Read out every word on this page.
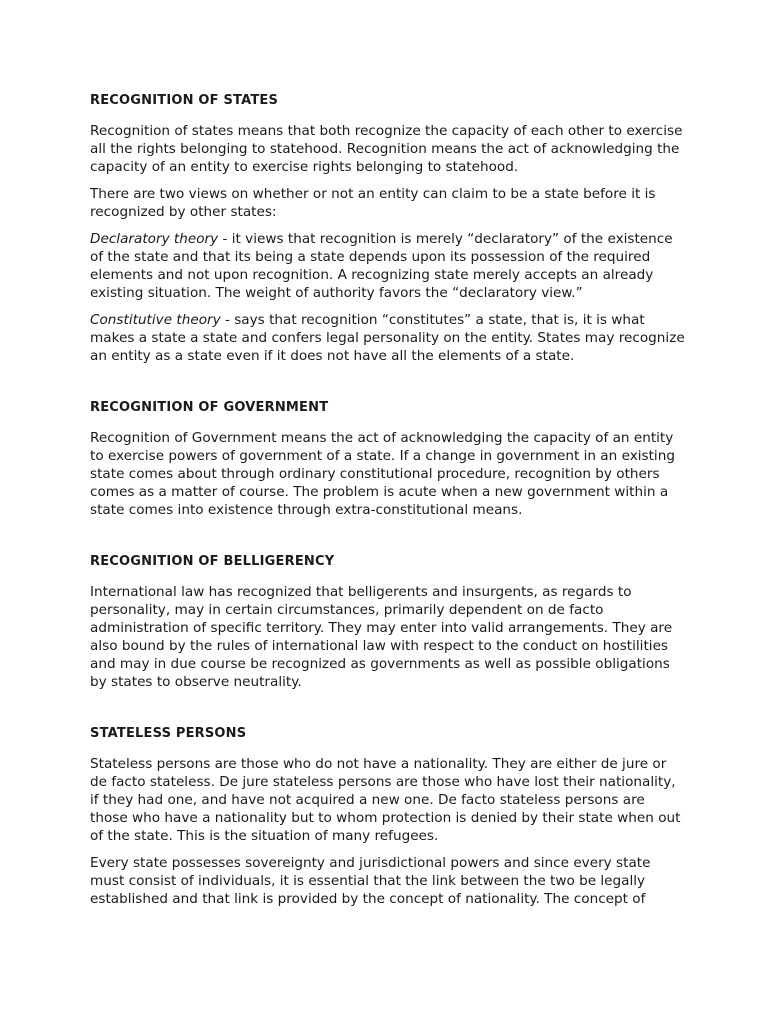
RECOGNITION OF STATES

Recognition of states means that both recognize the capacity of each other to exercise all the rights belonging to statehood. Recognition means the act of acknowledging the capacity of an entity to exercise rights belonging to statehood.

There are two views on whether or not an entity can claim to be a state before it is recognized by other states:

Declaratory theory - it views that recognition is merely “declaratory” of the existence of the state and that its being a state depends upon its possession of the required elements and not upon recognition. A recognizing state merely accepts an already existing situation. The weight of authority favors the “declaratory view.”

Constitutive theory - says that recognition “constitutes” a state, that is, it is what makes a state a state and confers legal personality on the entity. States may recognize an entity as a state even if it does not have all the elements of a state.

RECOGNITION OF GOVERNMENT

Recognition of Government means the act of acknowledging the capacity of an entity to exercise powers of government of a state. If a change in government in an existing state comes about through ordinary constitutional procedure, recognition by others comes as a matter of course. The problem is acute when a new government within a state comes into existence through extra-constitutional means.

RECOGNITION OF BELLIGERENCY

International law has recognized that belligerents and insurgents, as regards to personality, may in certain circumstances, primarily dependent on de facto administration of specific territory. They may enter into valid arrangements. They are also bound by the rules of international law with respect to the conduct on hostilities and may in due course be recognized as governments as well as possible obligations by states to observe neutrality.

STATELESS PERSONS

Stateless persons are those who do not have a nationality. They are either de jure or de facto stateless. De jure stateless persons are those who have lost their nationality, if they had one, and have not acquired a new one. De facto stateless persons are those who have a nationality but to whom protection is denied by their state when out of the state. This is the situation of many refugees.

Every state possesses sovereignty and jurisdictional powers and since every state must consist of individuals, it is essential that the link between the two be legally established and that link is provided by the concept of nationality. The concept of
